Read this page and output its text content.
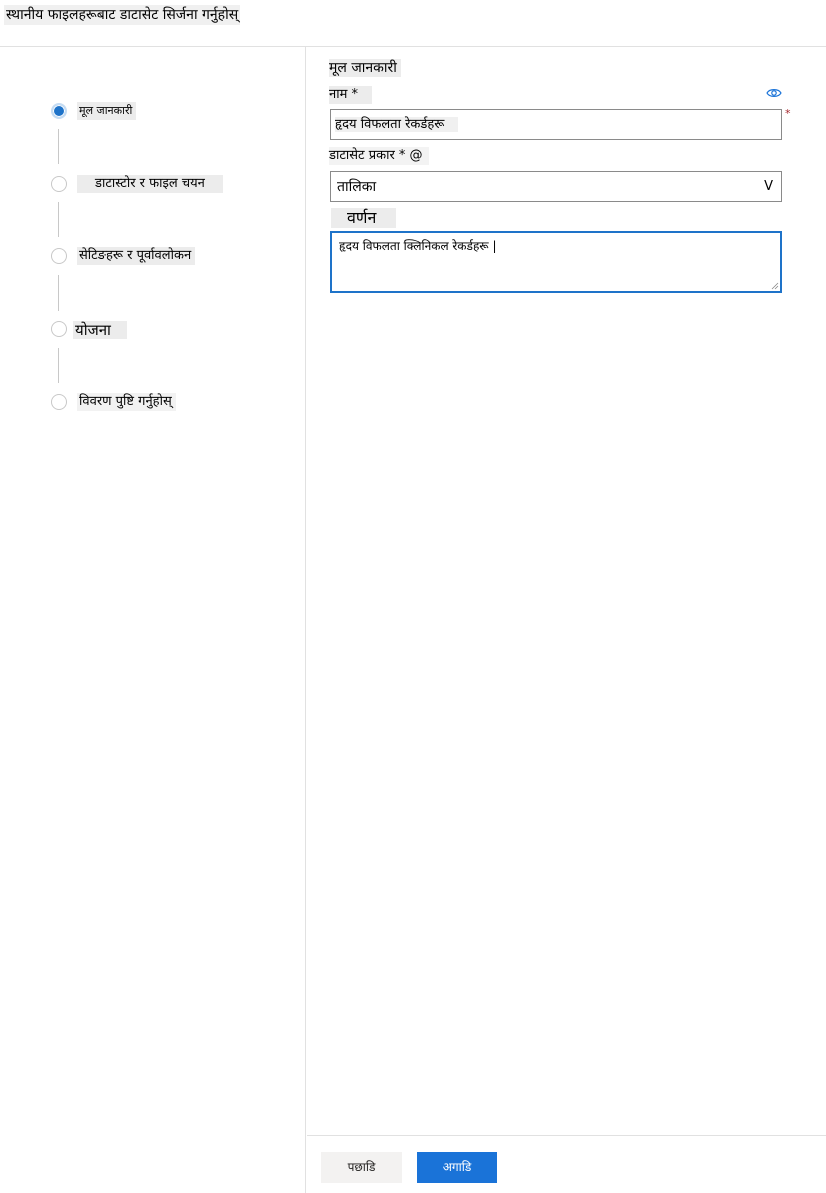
स्थानीय फाइलहरूबाट डाटासेट सिर्जना गर्नुहोस्
मूल जानकारी
डाटास्टोर र फाइल चयन
सेटिङहरू र पूर्वावलोकन
योजना
विवरण पुष्टि गर्नुहोस्
मूल जानकारी
नाम *
*
हृदय विफलता रेकर्डहरू
डाटासेट प्रकार * @
तालिका	V
वर्णन
हृदय विफलता क्लिनिकल रेकर्डहरू |
पछाडि	अगाडि
